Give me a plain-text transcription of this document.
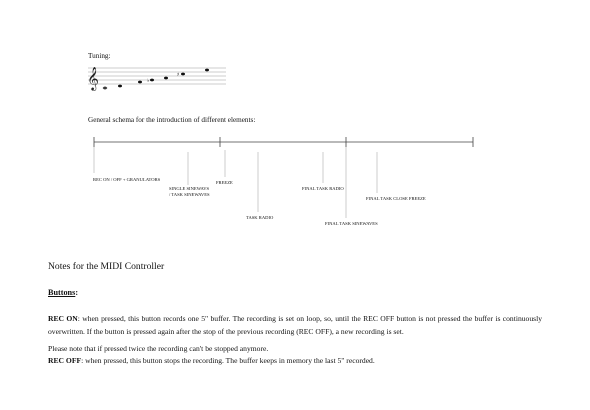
Tuning:
𝄞	♭
♯
General schema for the introduction of different elements:
REC ON / OFF + GRANULATORS
SINGLE SINEWAVS
/ TASK SINEWAVES
FREEZE
TASK RADIO
FINAL TASK RADIO
FINAL TASK SINEWAVES
FINAL TASK CLOSE FREEZE
Notes for the MIDI Controller
Buttons:
REC ON: when pressed, this button records one 5" buffer. The recording is set on loop, so, until the REC OFF button is not pressed the buffer is continuously overwritten. If the button is pressed again after the stop of the previous recording (REC OFF), a new recording is set.
Please note that if pressed twice the recording can't be stopped anymore.
REC OFF: when pressed, this button stops the recording. The buffer keeps in memory the last 5" recorded.
